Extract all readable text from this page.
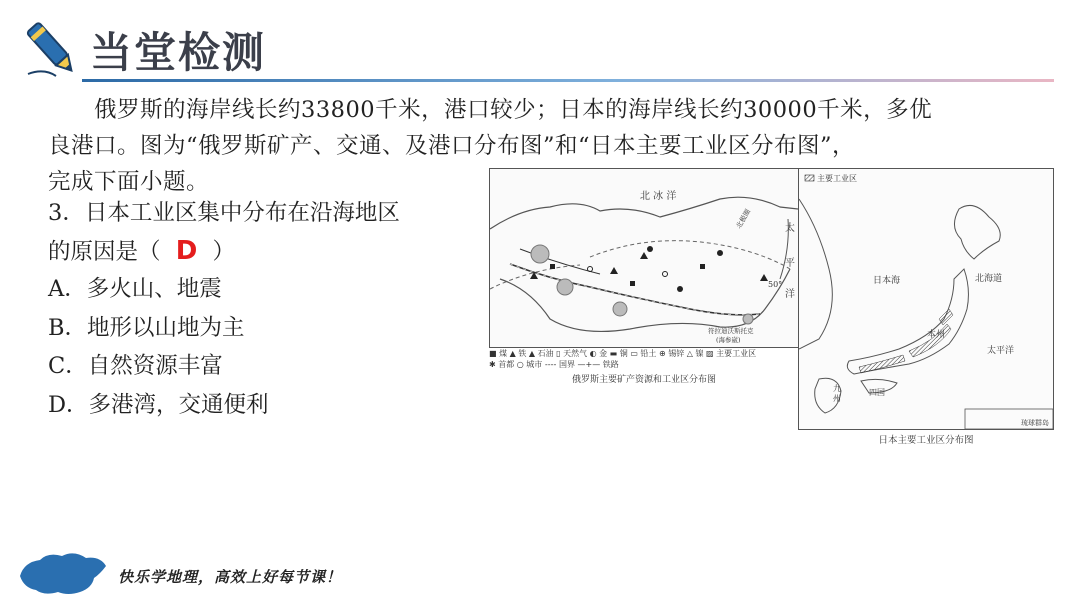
当堂检测
俄罗斯的海岸线长约33800千米，港口较少；日本的海岸线长约30000千米，多优
良港口。图为“俄罗斯矿产、交通、及港口分布图”和“日本主要工业区分布图”，
完成下面小题。
3．日本工业区集中分布在沿海地区
的原因是（ D ）
A．多火山、地震
B．地形以山地为主
C．自然资源丰富
D．多港湾，交通便利
北 冰 洋
北极圈	太
平
洋
50°
符拉迪沃斯托克
(海参崴)
■ 煤 ▲ 铁 ▲ 石油 ▯ 天然气 ◐ 金 ▬ 铜 ▭ 铅土 ⊕ 锡锌 △ 镍 ▨ 主要工业区
✱ 首都 ○ 城市 ---- 国界 —+— 铁路
俄罗斯主要矿产资源和工业区分布图
主要工业区
北海道
日本海
本州
太平洋
九
州
四国
琉球群岛
日本主要工业区分布图
快乐学地理，高效上好每节课！
